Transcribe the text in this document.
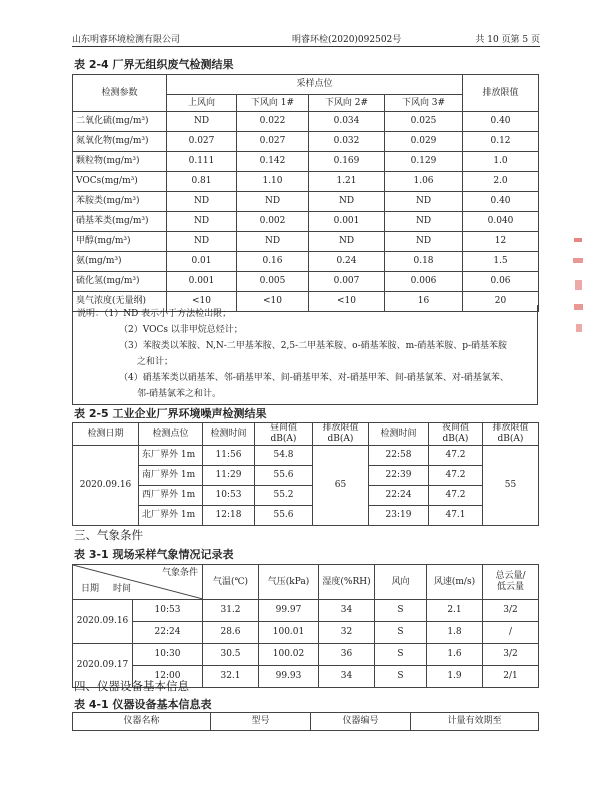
山东明睿环境检测有限公司	明睿环检(2020)092502号	共 10 页第 5 页
表 2-4 厂界无组织废气检测结果
检测参数	采样点位				排放限值
	上风向	下风向 1#	下风向 2#	下风向 3#	
二氧化硫(mg/m³)	ND	0.022	0.034	0.025	0.40
氮氧化物(mg/m³)	0.027	0.027	0.032	0.029	0.12
颗粒物(mg/m³)	0.111	0.142	0.169	0.129	1.0
VOCs(mg/m³)	0.81	1.10	1.21	1.06	2.0
苯胺类(mg/m³)	ND	ND	ND	ND	0.40
硝基苯类(mg/m³)	ND	0.002	0.001	ND	0.040
甲醇(mg/m³)	ND	ND	ND	ND	12
氨(mg/m³)	0.01	0.16	0.24	0.18	1.5
硫化氢(mg/m³)	0.001	0.005	0.007	0.006	0.06
臭气浓度(无量纲)	<10	<10	<10	16	20
说明：（1）ND 表示小于方法检出限；
（2）VOCs 以非甲烷总烃计；
（3）苯胺类以苯胺、N,N-二甲基苯胺、2,5-二甲基苯胺、o-硝基苯胺、m-硝基苯胺、p-硝基苯胺
之和计；
（4）硝基苯类以硝基苯、邻-硝基甲苯、间-硝基甲苯、对-硝基甲苯、间-硝基氯苯、对-硝基氯苯、
邻-硝基氯苯之和计。
表 2-5 工业企业厂界环境噪声检测结果
检测日期	检测点位	检测时间	昼间值
dB(A)	排放限值
dB(A)	检测时间	夜间值
dB(A)	排放限值
dB(A)
2020.09.16	东厂界外 1m	11:56	54.8	65	22:58	47.2	55
	南厂界外 1m	11:29	55.6		22:39	47.2	
	西厂界外 1m	10:53	55.2		22:24	47.2	
	北厂界外 1m	12:18	55.6		23:19	47.1	
三、气象条件
表 3-1 现场采样气象情况记录表
气象条件
日期 时间		气温(℃)	气压(kPa)	湿度(%RH)	风向	风速(m/s)	总云量/
低云量
2020.09.16	10:53	31.2	99.97	34	S	2.1	3/2
	22:24	28.6	100.01	32	S	1.8	/
2020.09.17	10:30	30.5	100.02	36	S	1.6	3/2
	12:00	32.1	99.93	34	S	1.9	2/1
四、仪器设备基本信息
表 4-1 仪器设备基本信息表
仪器名称	型号	仪器编号	计量有效期至
